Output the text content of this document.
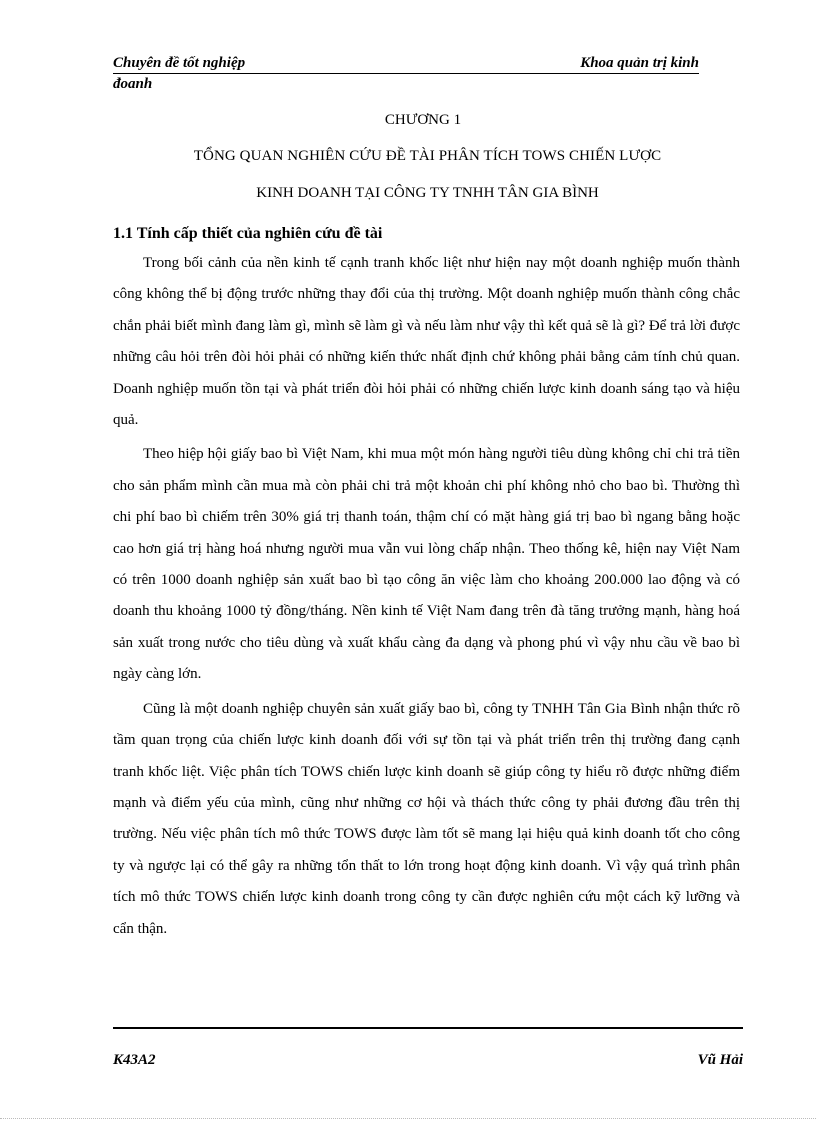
Chuyên đề tốt nghiệp	Khoa quản trị kinh
đoanh
CHƯƠNG 1
TỔNG QUAN NGHIÊN CỨU ĐỀ TÀI PHÂN TÍCH TOWS CHIẾN LƯỢC
KINH DOANH TẠI CÔNG TY TNHH TÂN GIA BÌNH
1.1 Tính cấp thiết của nghiên cứu đề tài

Trong bối cảnh của nền kinh tế cạnh tranh khốc liệt như hiện nay một doanh nghiệp muốn thành công không thể bị động trước những thay đổi của thị trường. Một doanh nghiệp muốn thành công chắc chắn phải biết mình đang làm gì, mình sẽ làm gì và nếu làm như vậy thì kết quả sẽ là gì? Để trả lời được những câu hỏi trên đòi hỏi phải có những kiến thức nhất định chứ không phải bằng cảm tính chủ quan. Doanh nghiệp muốn tồn tại và phát triển đòi hỏi phải có những chiến lược kinh doanh sáng tạo và hiệu quả.

Theo hiệp hội giấy bao bì Việt Nam, khi mua một món hàng người tiêu dùng không chỉ chi trả tiền cho sản phẩm mình cần mua mà còn phải chi trả một khoản chi phí không nhỏ cho bao bì. Thường thì chi phí bao bì chiếm trên 30% giá trị thanh toán, thậm chí có mặt hàng giá trị bao bì ngang bằng hoặc cao hơn giá trị hàng hoá nhưng người mua vẫn vui lòng chấp nhận. Theo thống kê, hiện nay Việt Nam có trên 1000 doanh nghiệp sản xuất bao bì tạo công ăn việc làm cho khoảng 200.000 lao động và có doanh thu khoảng 1000 tỷ đồng/tháng. Nền kinh tế Việt Nam đang trên đà tăng trưởng mạnh, hàng hoá sản xuất trong nước cho tiêu dùng và xuất khẩu càng đa dạng và phong phú vì vậy nhu cầu về bao bì ngày càng lớn.

Cũng là một doanh nghiệp chuyên sản xuất giấy bao bì, công ty TNHH Tân Gia Bình nhận thức rõ tầm quan trọng của chiến lược kinh doanh đối với sự tồn tại và phát triển trên thị trường đang cạnh tranh khốc liệt. Việc phân tích TOWS chiến lược kinh doanh sẽ giúp công ty hiểu rõ được những điểm mạnh và điểm yếu của mình, cũng như những cơ hội và thách thức công ty phải đương đầu trên thị trường. Nếu việc phân tích mô thức TOWS được làm tốt sẽ mang lại hiệu quả kinh doanh tốt cho công ty và ngược lại có thể gây ra những tổn thất to lớn trong hoạt động kinh doanh. Vì vậy quá trình phân tích mô thức TOWS chiến lược kinh doanh trong công ty cần được nghiên cứu một cách kỹ lưỡng và cẩn thận.

K43A2	Vũ Hải
